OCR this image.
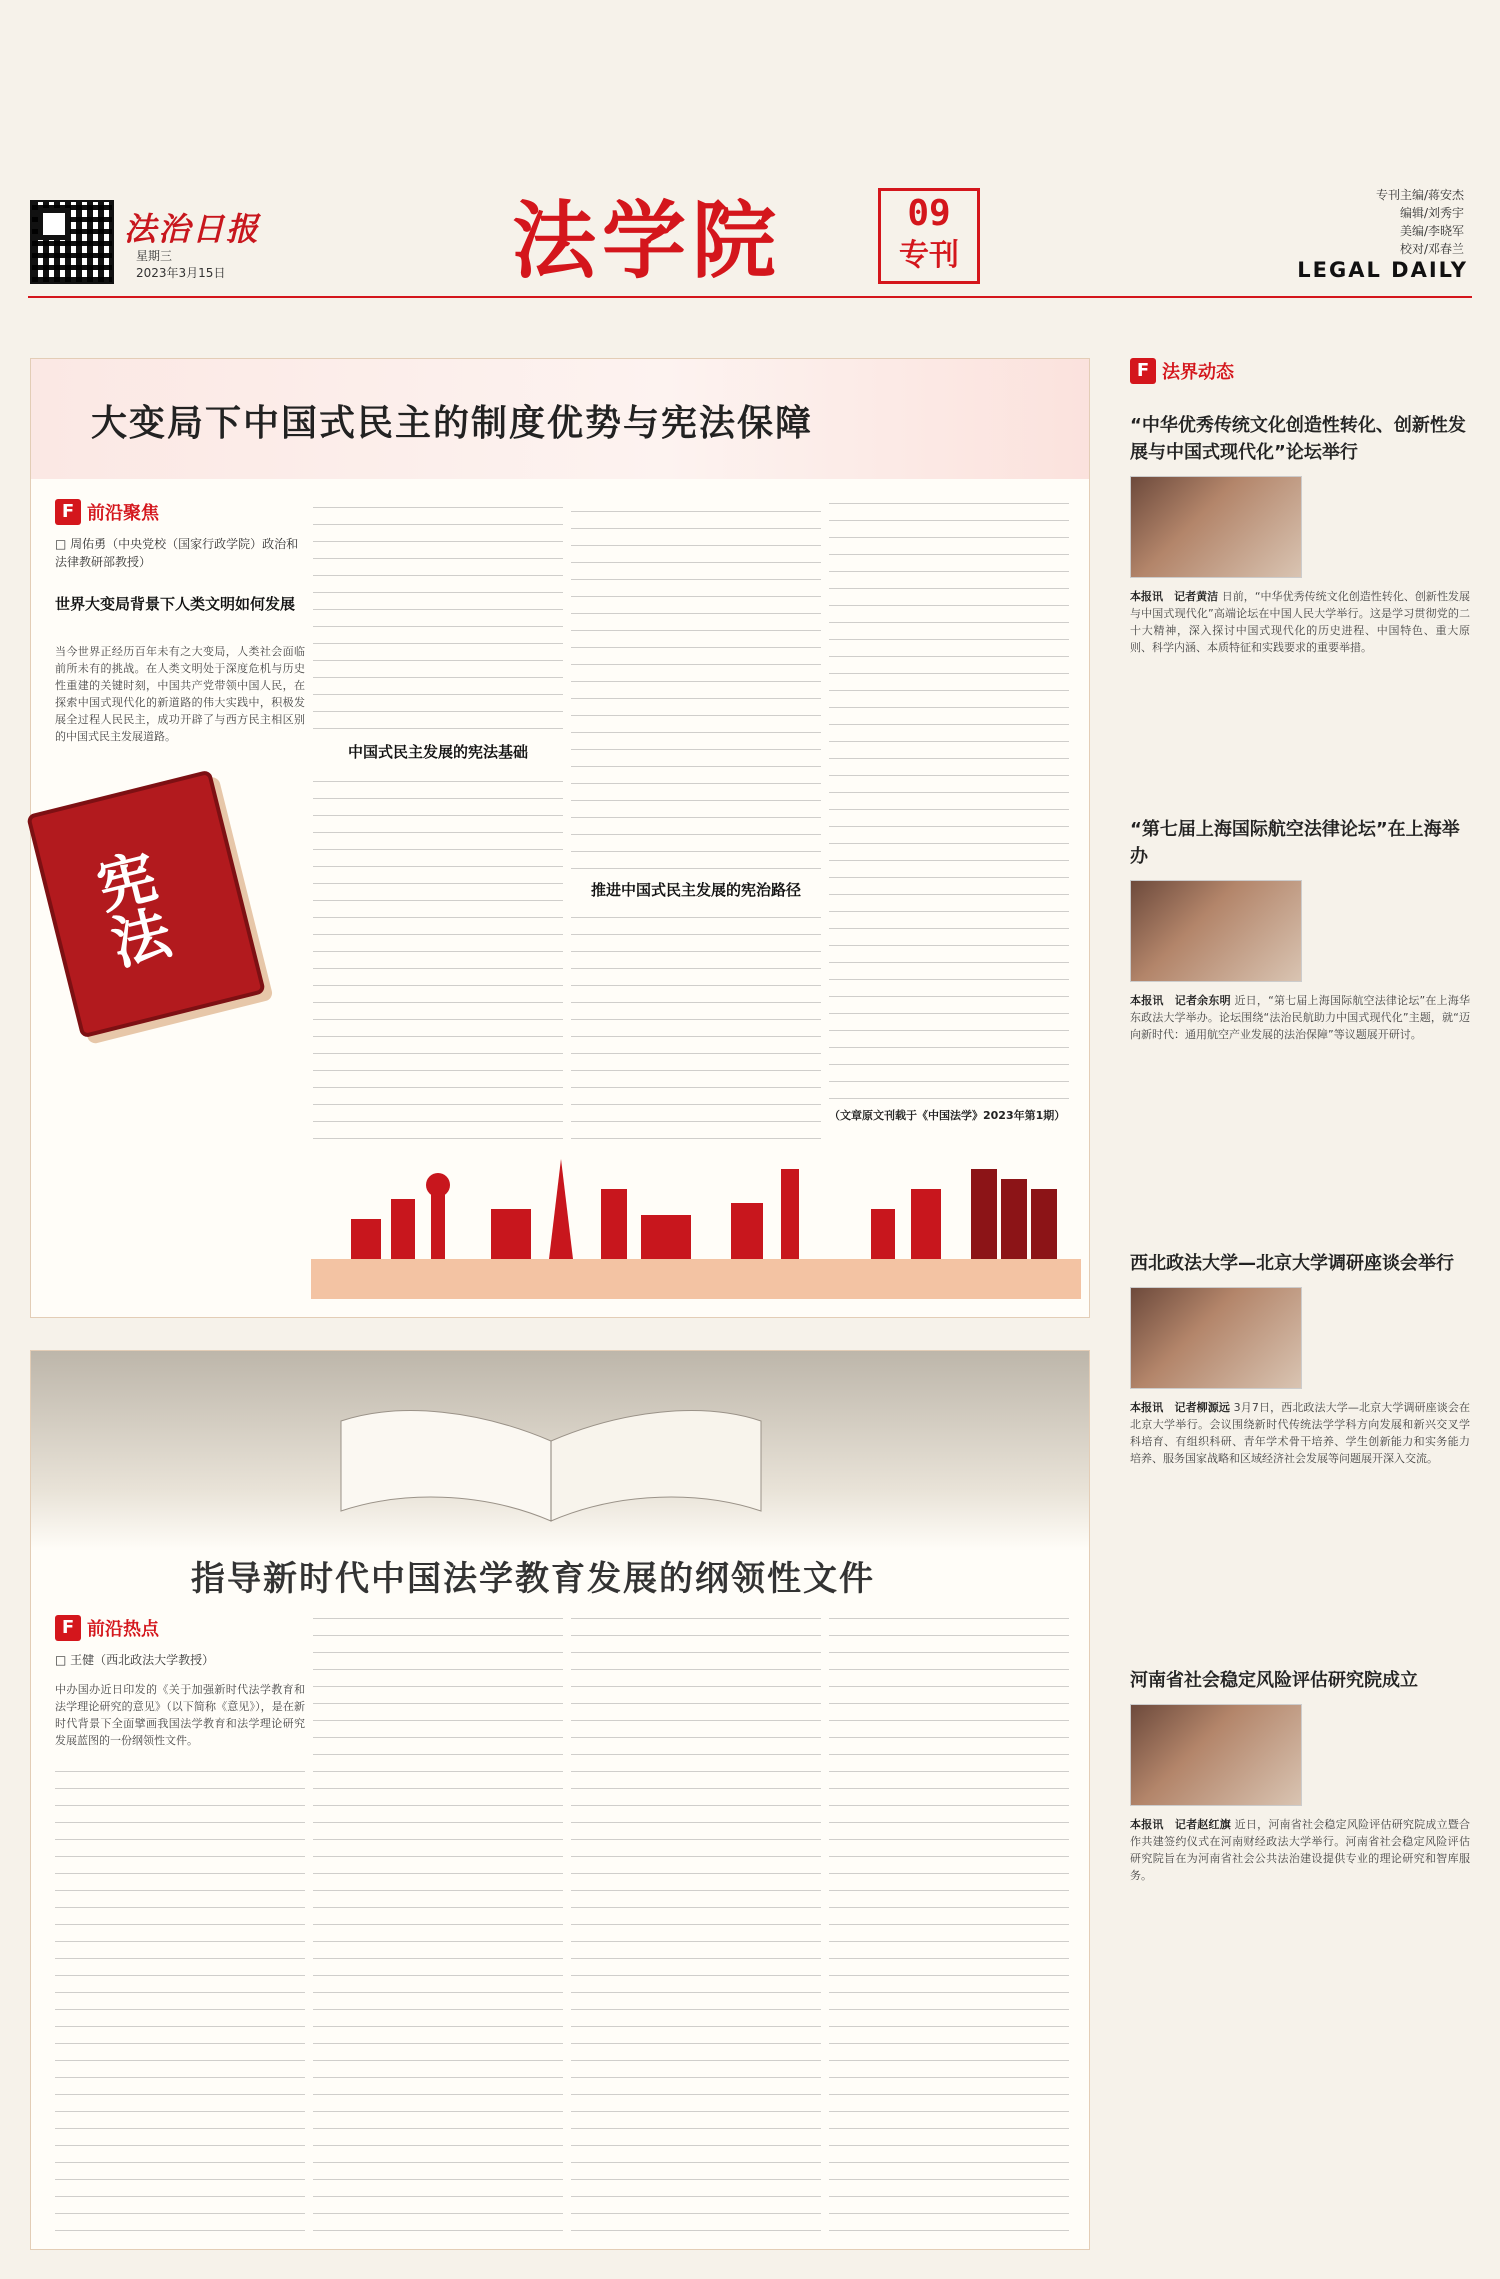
法治日报
星期三
2023年3月15日	法学院	09
专刊
专刊主编/蒋安杰
编辑/刘秀宇
美编/李晓军
校对/邓春兰
LEGAL DAILY
大变局下中国式民主的制度优势与宪法保障
F 前沿聚焦
□ 周佑勇（中央党校（国家行政学院）政治和法律教研部教授）
世界大变局背景下人类文明如何发展
当今世界正经历百年未有之大变局，人类社会面临前所未有的挑战。在人类文明处于深度危机与历史性重建的关键时刻，中国共产党带领中国人民，在探索中国式现代化的新道路的伟大实践中，积极发展全过程人民民主，成功开辟了与西方民主相区别的中国式民主发展道路。
宪法
中国式民主发展的宪法基础
推进中国式民主发展的宪治路径
（文章原文刊载于《中国法学》2023年第1期）
指导新时代中国法学教育发展的纲领性文件
F 前沿热点
□ 王健（西北政法大学教授）
中办国办近日印发的《关于加强新时代法学教育和法学理论研究的意见》（以下简称《意见》），是在新时代背景下全面擘画我国法学教育和法学理论研究发展蓝图的一份纲领性文件。
F 法界动态
“中华优秀传统文化创造性转化、创新性发展与中国式现代化”论坛举行
本报讯　记者黄洁 日前，“中华优秀传统文化创造性转化、创新性发展与中国式现代化”高端论坛在中国人民大学举行。这是学习贯彻党的二十大精神，深入探讨中国式现代化的历史进程、中国特色、重大原则、科学内涵、本质特征和实践要求的重要举措。
“第七届上海国际航空法律论坛”在上海举办
本报讯　记者余东明 近日，“第七届上海国际航空法律论坛”在上海华东政法大学举办。论坛围绕“法治民航助力中国式现代化”主题，就“迈向新时代：通用航空产业发展的法治保障”等议题展开研讨。
西北政法大学—北京大学调研座谈会举行
本报讯　记者柳源远 3月7日，西北政法大学—北京大学调研座谈会在北京大学举行。会议围绕新时代传统法学学科方向发展和新兴交叉学科培育、有组织科研、青年学术骨干培养、学生创新能力和实务能力培养、服务国家战略和区域经济社会发展等问题展开深入交流。
河南省社会稳定风险评估研究院成立
本报讯　记者赵红旗 近日，河南省社会稳定风险评估研究院成立暨合作共建签约仪式在河南财经政法大学举行。河南省社会稳定风险评估研究院旨在为河南省社会公共法治建设提供专业的理论研究和智库服务。
